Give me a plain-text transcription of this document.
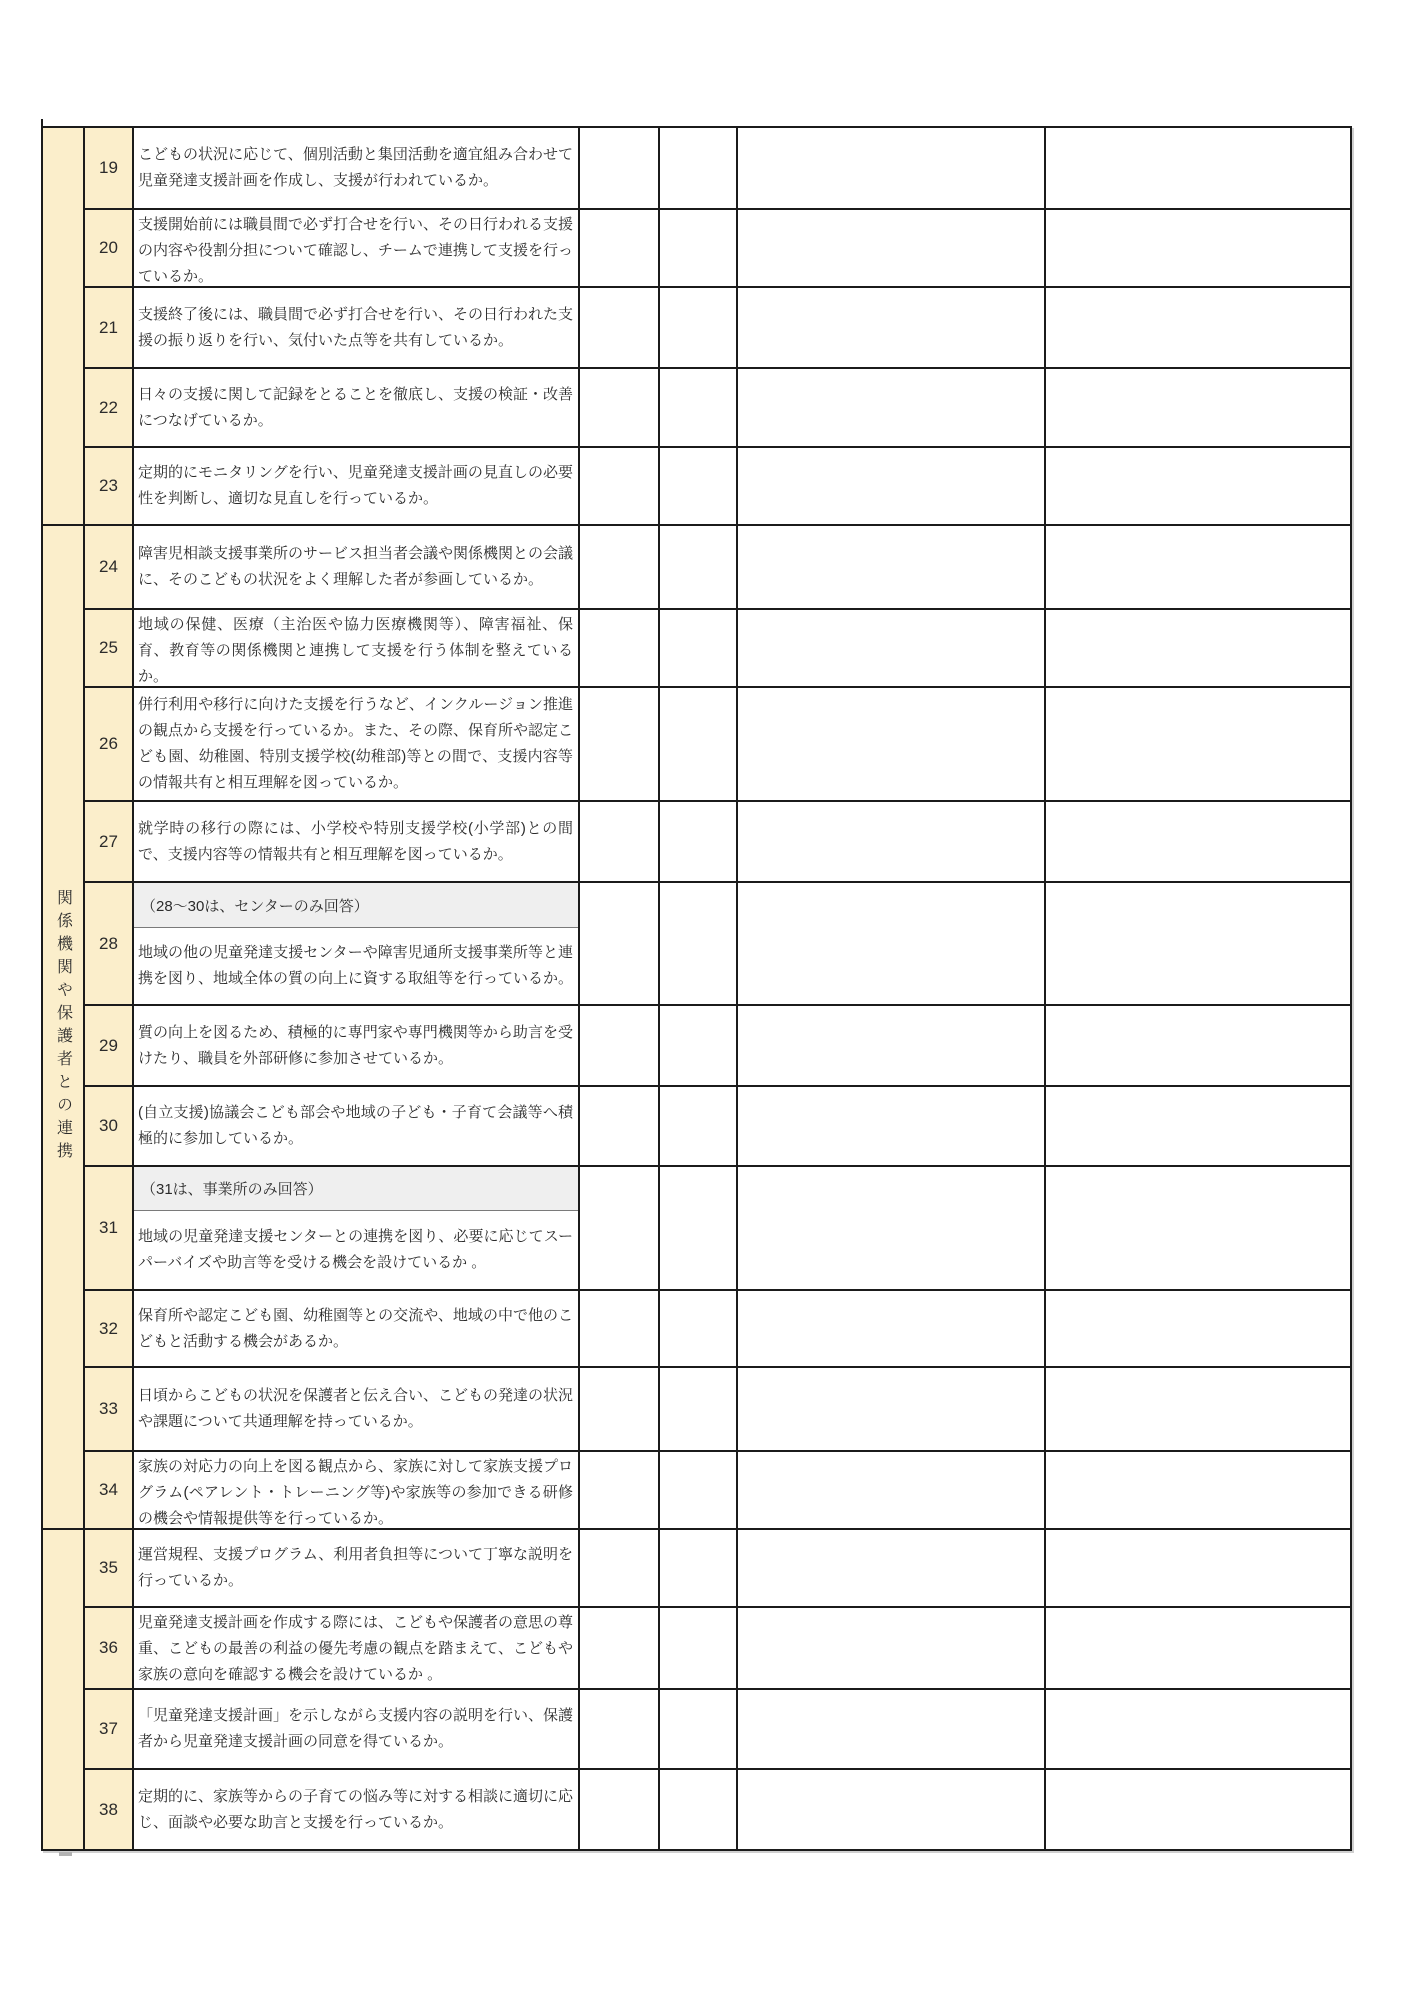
関係機関や保護者との連携
19
こどもの状況に応じて、個別活動と集団活動を適宜組み合わせて児童発達支援計画を作成し、支援が行われているか。
20
支援開始前には職員間で必ず打合せを行い、その日行われる支援の内容や役割分担について確認し、チームで連携して支援を行っているか。
21
支援終了後には、職員間で必ず打合せを行い、その日行われた支援の振り返りを行い、気付いた点等を共有しているか。
22
日々の支援に関して記録をとることを徹底し、支援の検証・改善につなげているか。
23
定期的にモニタリングを行い、児童発達支援計画の見直しの必要性を判断し、適切な見直しを行っているか。
24
障害児相談支援事業所のサービス担当者会議や関係機関との会議に、そのこどもの状況をよく理解した者が参画しているか。
25
地域の保健、医療（主治医や協力医療機関等）、障害福祉、保育、教育等の関係機関と連携して支援を行う体制を整えているか。
26
併行利用や移行に向けた支援を行うなど、インクルージョン推進の観点から支援を行っているか。また、その際、保育所や認定こども園、幼稚園、特別支援学校(幼稚部)等との間で、支援内容等の情報共有と相互理解を図っているか。
27
就学時の移行の際には、小学校や特別支援学校(小学部)との間で、支援内容等の情報共有と相互理解を図っているか。
28
（28〜30は、センターのみ回答）
地域の他の児童発達支援センターや障害児通所支援事業所等と連携を図り、地域全体の質の向上に資する取組等を行っているか。
29
質の向上を図るため、積極的に専門家や専門機関等から助言を受けたり、職員を外部研修に参加させているか。
30
(自立支援)協議会こども部会や地域の子ども・子育て会議等へ積極的に参加しているか。
31
（31は、事業所のみ回答）
地域の児童発達支援センターとの連携を図り、必要に応じてスーパーバイズや助言等を受ける機会を設けているか 。
32
保育所や認定こども園、幼稚園等との交流や、地域の中で他のこどもと活動する機会があるか。
33
日頃からこどもの状況を保護者と伝え合い、こどもの発達の状況や課題について共通理解を持っているか。
34
家族の対応力の向上を図る観点から、家族に対して家族支援プログラム(ペアレント・トレーニング等)や家族等の参加できる研修の機会や情報提供等を行っているか。
35
運営規程、支援プログラム、利用者負担等について丁寧な説明を行っているか。
36
児童発達支援計画を作成する際には、こどもや保護者の意思の尊重、こどもの最善の利益の優先考慮の観点を踏まえて、こどもや家族の意向を確認する機会を設けているか 。
37
「児童発達支援計画」を示しながら支援内容の説明を行い、保護者から児童発達支援計画の同意を得ているか。
38
定期的に、家族等からの子育ての悩み等に対する相談に適切に応じ、面談や必要な助言と支援を行っているか。
